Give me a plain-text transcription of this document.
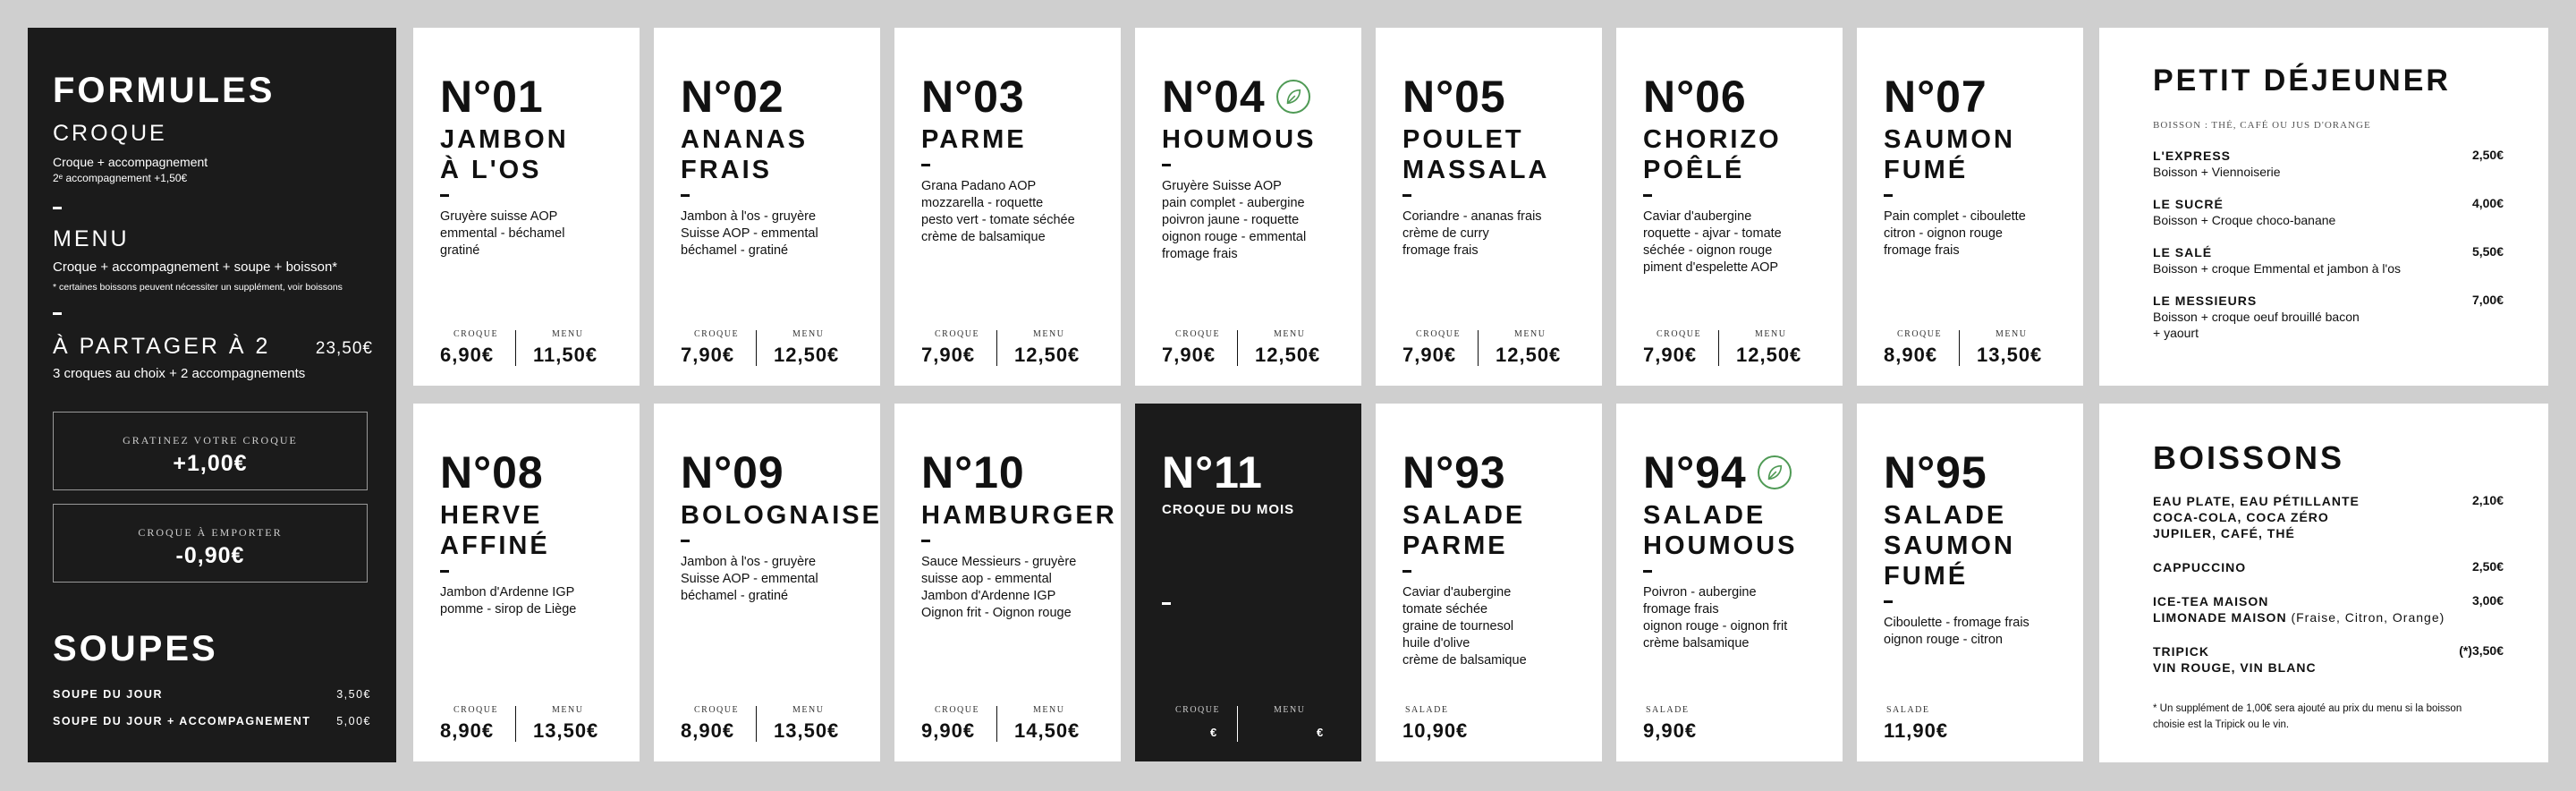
FORMULES
CROQUE
Croque + accompagnement
2ᵉ accompagnement +1,50€
MENU
Croque + accompagnement + soupe + boisson*
* certaines boissons peuvent nécessiter un supplément, voir boissons
À PARTAGER À 2	23,50€
3 croques au choix + 2 accompagnements
GRATINEZ VOTRE CROQUE
+1,00€
CROQUE À EMPORTER
-0,90€
SOUPES
SOUPE DU JOUR	3,50€
SOUPE DU JOUR + ACCOMPAGNEMENT 5,00€
PETIT DÉJEUNER
BOISSON : THÉ, CAFÉ OU JUS D'ORANGE
L'EXPRESS
Boisson + Viennoiserie
2,50€
LE SUCRÉ
Boisson + Croque choco-banane
4,00€
LE SALÉ
Boisson + croque Emmental et jambon à l'os
5,50€
LE MESSIEURS
Boisson + croque oeuf brouillé bacon
+ yaourt
7,00€
BOISSONS
EAU PLATE, EAU PÉTILLANTE
COCA-COLA, COCA ZÉRO
JUPILER, CAFÉ, THÉ
2,10€
CAPPUCCINO	2,50€
ICE-TEA MAISON
LIMONADE MAISON (Fraise, Citron, Orange)
3,00€
TRIPICK
VIN ROUGE, VIN BLANC
(*)3,50€
* Un supplément de 1,00€ sera ajouté au prix du menu si la boisson
choisie est la Tripick ou le vin.
N°01
JAMBON
À L'OS
Gruyère suisse AOP
emmental - béchamel
gratiné
CROQUE
6,90€
MENU
11,50€
N°02
ANANAS
FRAIS
Jambon à l'os - gruyère
Suisse AOP - emmental
béchamel - gratiné
CROQUE
7,90€
MENU
12,50€
N°03
PARME
Grana Padano AOP
mozzarella - roquette
pesto vert - tomate séchée
crème de balsamique
CROQUE
7,90€
MENU
12,50€
N°04
HOUMOUS
Gruyère Suisse AOP
pain complet - aubergine
poivron jaune - roquette
oignon rouge - emmental
fromage frais
CROQUE
7,90€
MENU
12,50€
N°05
POULET
MASSALA
Coriandre - ananas frais
crème de curry
fromage frais
CROQUE
7,90€
MENU
12,50€
N°06
CHORIZO
POÊLÉ
Caviar d'aubergine
roquette - ajvar - tomate
séchée - oignon rouge
piment d'espelette AOP
CROQUE
7,90€
MENU
12,50€
N°07
SAUMON
FUMÉ
Pain complet - ciboulette
citron - oignon rouge
fromage frais
CROQUE
8,90€
MENU
13,50€
N°08
HERVE
AFFINÉ
Jambon d'Ardenne IGP
pomme - sirop de Liège
CROQUE
8,90€
MENU
13,50€
N°09
BOLOGNAISE
Jambon à l'os - gruyère
Suisse AOP - emmental
béchamel - gratiné
CROQUE
8,90€
MENU
13,50€
N°10
HAMBURGER
Sauce Messieurs - gruyère
suisse aop - emmental
Jambon d'Ardenne IGP
Oignon frit - Oignon rouge
CROQUE
9,90€
MENU
14,50€
N°11
CROQUE DU MOIS
CROQUE
€
MENU
€
N°93
SALADE
PARME
Caviar d'aubergine
tomate séchée
graine de tournesol
huile d'olive
crème de balsamique
SALADE
10,90€
N°94
SALADE
HOUMOUS
Poivron - aubergine
fromage frais
oignon rouge - oignon frit
crème balsamique
SALADE
9,90€
N°95
SALADE
SAUMON
FUMÉ
Ciboulette - fromage frais
oignon rouge - citron
SALADE
11,90€
